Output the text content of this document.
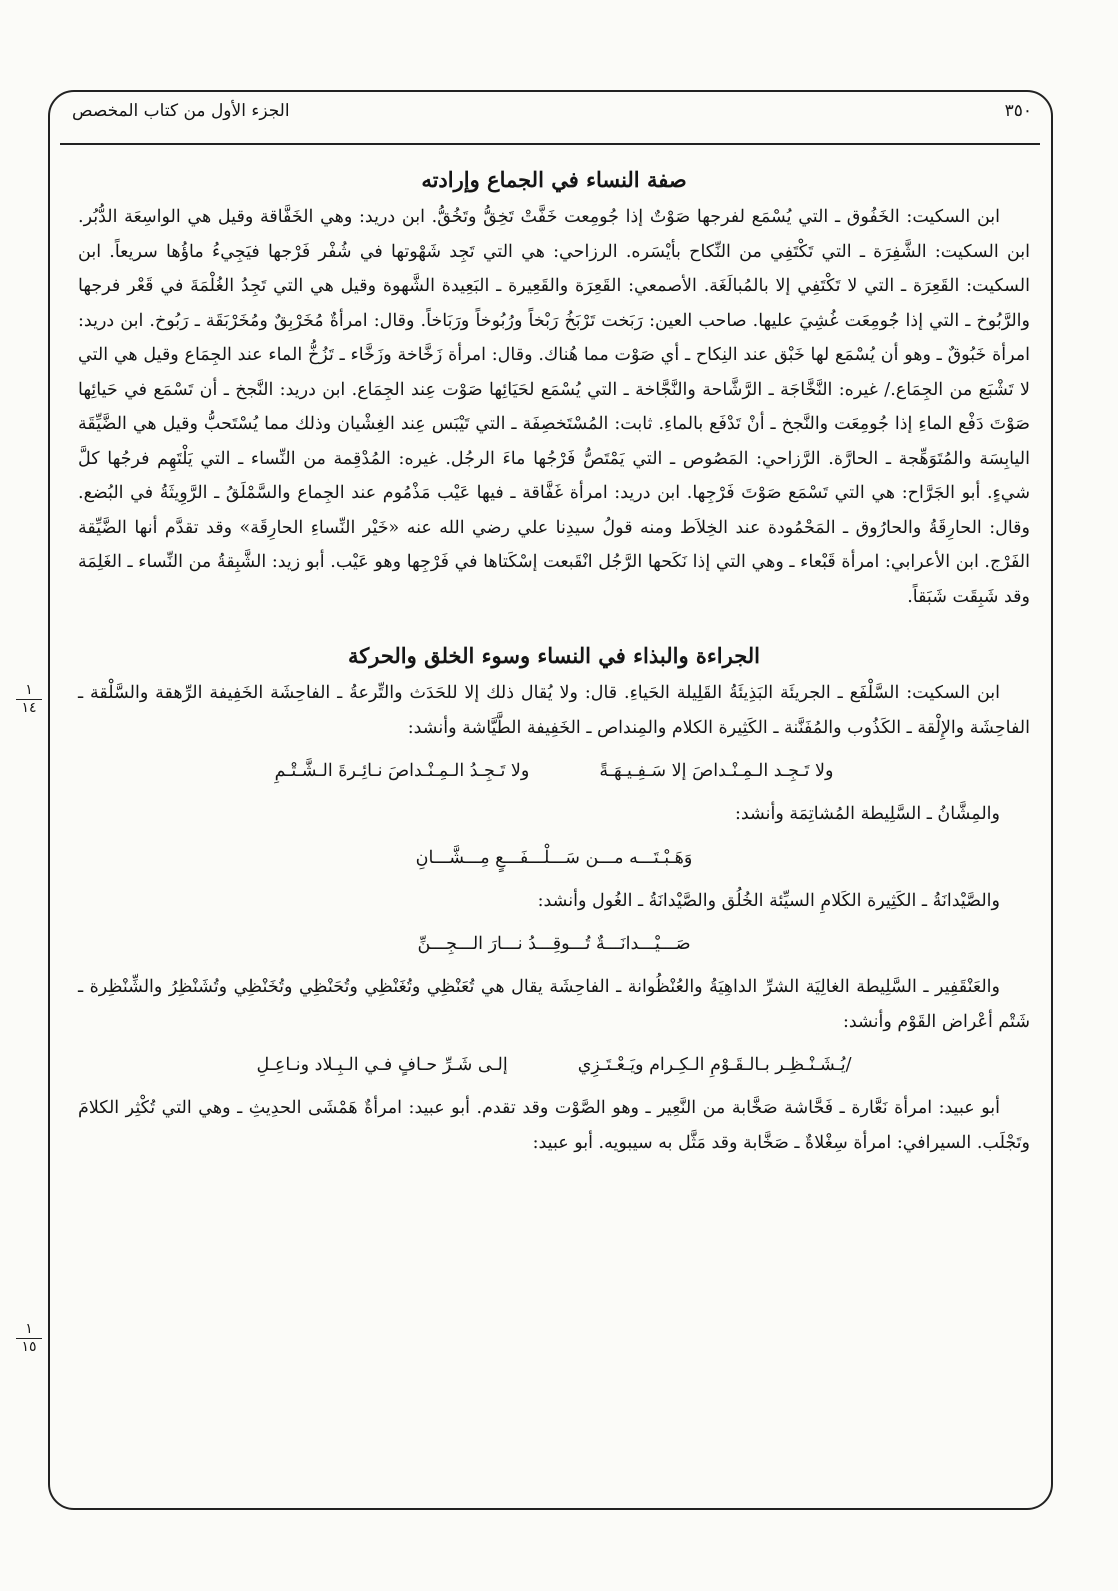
٣٥٠
الجزء الأول من كتاب المخصص
١
١٤
١
١٥
صفة النساء في الجماع وإرادته

ابن السكيت: الخَفُوق ـ التي يُسْمَع لفرجها صَوْتٌ إذا جُومِعت خَفَّتْ تَخِقُّ وتَخُقُّ. ابن دريد: وهي الخَفَّاقة وقيل هي الواسِعَة الدُّبُر. ابن السكيت: الشَّفِرَة ـ التي تَكْتَفِي من النِّكاح بأيْسَره. الرزاحي: هي التي تَجِد شَهْوتها في شُفْر فَرْجها فيَجِيءُ ماؤُها سريعاً. ابن السكيت: القَعِرَة ـ التي لا تَكْتَفِي إلا بالمُبالَغَة. الأصمعي: القَعِرَة والقَعِيرة ـ البَعِيدة الشَّهوة وقيل هي التي تَجِدُ الغُلْمَةَ في قَعْر فرجها والرَّبُوخ ـ التي إذا جُومِعَت غُشِيَ عليها. صاحب العين: رَبَخت تَرْبَخُ رَبْخاً ورُبُوخاً ورَبَاخاً. وقال: امرأةٌ مُخَرْبِقٌ ومُخَرْبَقَة ـ رَبُوخ. ابن دريد: امرأة خَبُوقٌ ـ وهو أن يُسْمَع لها خَبْق عند النِكاح ـ أي صَوْت مما هُناك. وقال: امرأة زَخَّاخة وزَخَّاء ـ تَزُخُّ الماء عند الجِمَاع وقيل هي التي لا تَشْبَع من الجِمَاع./ غيره: النَّخَّاجَة ـ الرَّشَّاحة والنَّجَّاخة ـ التي يُسْمَع لحَيَائِها صَوْت عِند الجِمَاع. ابن دريد: النَّجخ ـ أن تَسْمَع في حَيائِها صَوْتَ دَفْع الماءِ إذا جُومِعَت والنَّجخ ـ أنْ تَدْفَع بالماءِ. ثابت: المُسْتَخصِفَة ـ التي تَيْبَس عِند الغِشْيان وذلك مما يُسْتَحبُّ وقيل هي الضَّيِّقَة اليابِسَة والمُتَوَهِّجة ـ الحارَّة. الرَّزاحي: المَصُوص ـ التي يَمْتَصُّ فَرْجُها ماءَ الرجُل. غيره: المُدْقِمة من النِّساء ـ التي يَلْتَهِم فرجُها كلَّ شيءٍ. أبو الجَرَّاح: هي التي تَسْمَع صَوْتَ فَرْجِها. ابن دريد: امرأة غَفَّاقة ـ فيها عَيْب مَذْمُوم عند الجِماع والسَّمْلَقُ ـ الرَّوِيثَةُ في البُضع. وقال: الحارِقَةُ والحارُوق ـ المَحْمُودة عند الخِلاَط ومنه قولُ سيدِنا علي رضي الله عنه «خَيْر النِّساءِ الحارِقَة» وقد تقدَّم أنها الضَّيِّقة الفَرْج. ابن الأعرابي: امرأة قَبْعاء ـ وهي التي إذا نَكَحها الرَّجُل انْقَبعت إسْكَتاها في فَرْجِها وهو عَيْب. أبو زيد: الشَّبِقةُ من النِّساء ـ الغَلِمَة وقد شَبِقَت شَبَقاً.

الجراءة والبذاء في النساء وسوء الخلق والحركة

ابن السكيت: السَّلْفَع ـ الجريئَة البَذِيئَةُ القَلِيلة الحَياءِ. قال: ولا يُقال ذلك إلا للحَدَث والتِّرعةُ ـ الفاحِشَة الخَفِيفة الرِّهقة والسَّلْقة ـ الفاحِشَة والإِلْقة ـ الكَذُوب والمُفَنَّنة ـ الكَثِيرة الكلام والمِنداص ـ الخَفِيفة الطَّيَّاشة وأنشد:

ولا تَـجِـد الـمِـنْـداصَ إلا سَـفِـيـهَـةً
ولا تَـجِـدُ الـمِـنْـداصَ نـائِـرةَ الـشَّـتْـمِ

والمِشَّانُ ـ السَّلِيطة المُشاتِمَة وأنشد:

وَهَـبْـتَـــه مـــن سَـــلْـــفَـــعٍ مِـــشَّـــانِ

والصَّيْدانَةُ ـ الكَثِيرة الكَلامِ السيِّئة الخُلُق والصَّيْدانَةُ ـ الغُول وأنشد:

صَـــيْـــدانَـــةٌ تُـــوقِـــدُ نـــارَ الـــجِـــنِّ

والعَنْقَفِير ـ السَّلِيطة الغالِيَة الشرِّ الداهِيَةُ والعُنْظُوانة ـ الفاحِشَة يقال هي تُعَنْظِي وتُغَنْظِي وتُحَنْظِي وتُخَنْظِي وتُشَنْظِرُ والشِّنْظِرة ـ شَتْم أعْراض القَوْم وأنشد:

/يُـشَـنْـظِـر بـالـقَـوْمِ الـكِـرام ويَـعْـتَـزِي
إلـى شَـرِّ حـافٍ فـي الـبِـلاد ونـاعِـلِ

أبو عبيد: امرأة نَعَّارة ـ فَحَّاشة صَخَّابة من النَّعِير ـ وهو الصَّوْت وقد تقدم. أبو عبيد: امرأةٌ هَمْشَى الحدِيثِ ـ وهي التي تُكْثِر الكلامَ وتَجْلَب. السيرافي: امرأة سِغْلاةٌ ـ صَخَّابة وقد مَثَّل به سيبويه. أبو عبيد:
